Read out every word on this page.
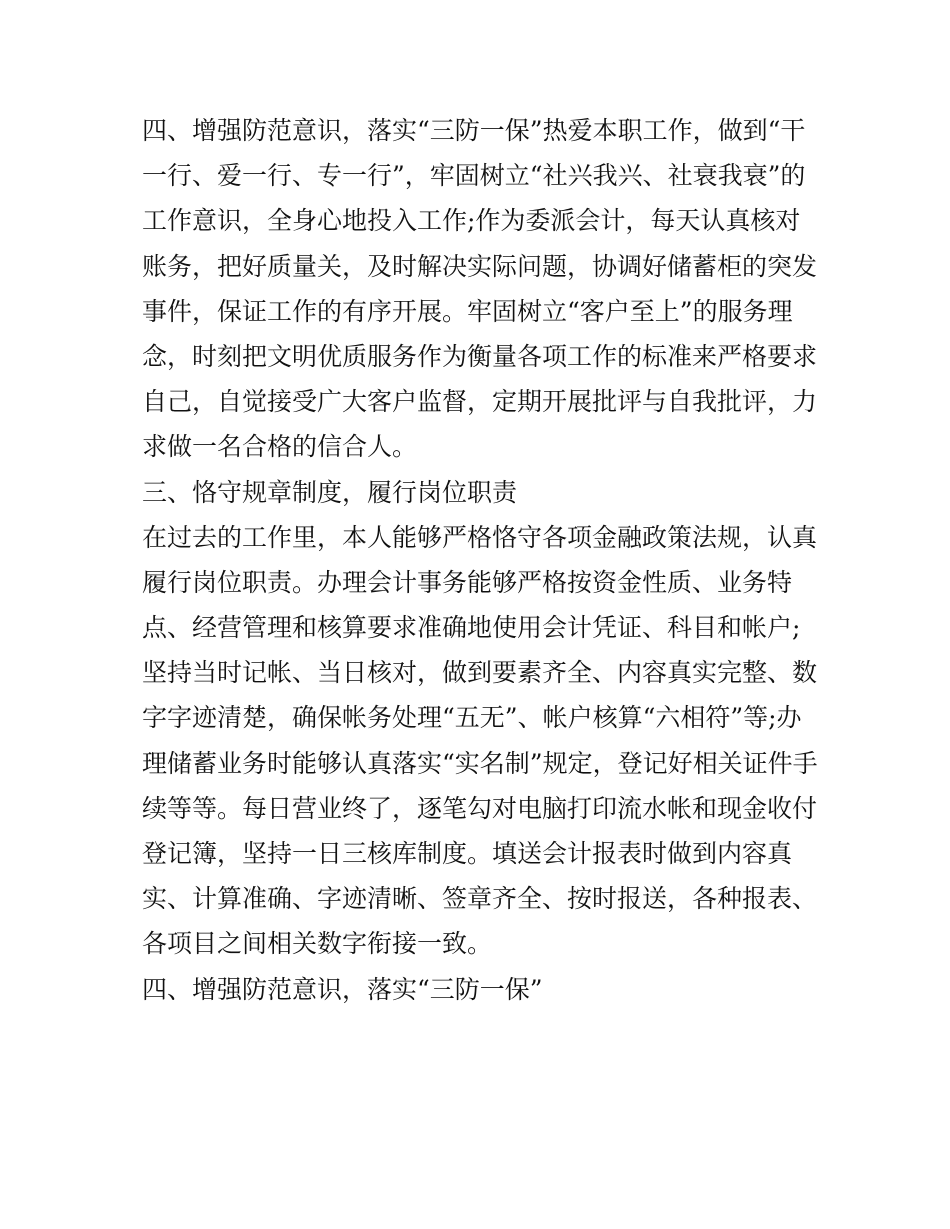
四、增强防范意识，落实“三防一保”热爱本职工作，做到“干
一行、爱一行、专一行”，牢固树立“社兴我兴、社衰我衰”的
工作意识，全身心地投入工作;作为委派会计，每天认真核对
账务，把好质量关，及时解决实际问题，协调好储蓄柜的突发
事件，保证工作的有序开展。牢固树立“客户至上”的服务理
念，时刻把文明优质服务作为衡量各项工作的标准来严格要求
自己，自觉接受广大客户监督，定期开展批评与自我批评，力
求做一名合格的信合人。

三、恪守规章制度，履行岗位职责

在过去的工作里，本人能够严格恪守各项金融政策法规，认真
履行岗位职责。办理会计事务能够严格按资金性质、业务特
点、经营管理和核算要求准确地使用会计凭证、科目和帐户;
坚持当时记帐、当日核对，做到要素齐全、内容真实完整、数
字字迹清楚，确保帐务处理“五无”、帐户核算“六相符”等;办
理储蓄业务时能够认真落实“实名制”规定，登记好相关证件手
续等等。每日营业终了，逐笔勾对电脑打印流水帐和现金收付
登记簿，坚持一日三核库制度。填送会计报表时做到内容真
实、计算准确、字迹清晰、签章齐全、按时报送，各种报表、
各项目之间相关数字衔接一致。

四、增强防范意识，落实“三防一保”
